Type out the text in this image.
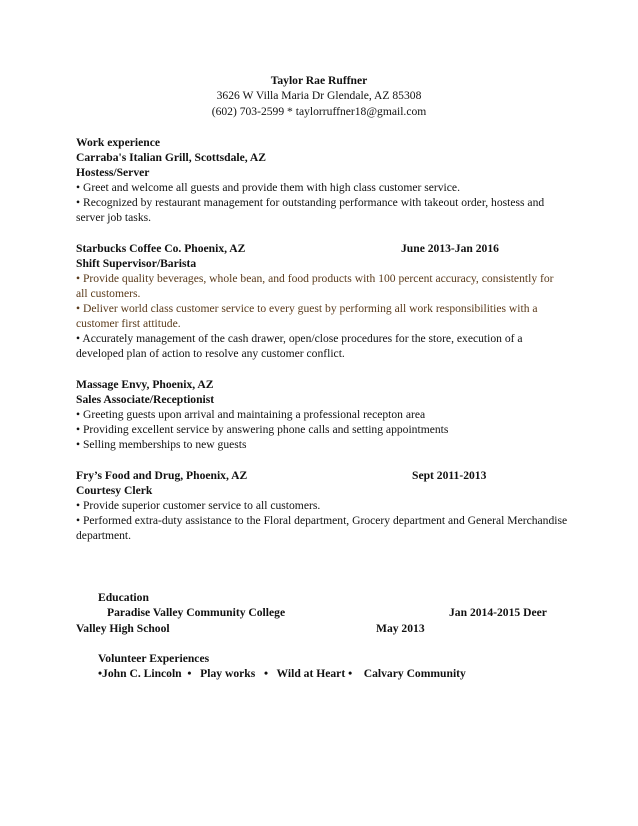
Taylor Rae Ruffner
3626 W Villa Maria Dr Glendale, AZ 85308
(602) 703-2599 * taylorruffner18@gmail.com
Work experience
Carraba's Italian Grill, Scottsdale, AZ
Hostess/Server
• Greet and welcome all guests and provide them with high class customer service.
• Recognized by restaurant management for outstanding performance with takeout order, hostess and
server job tasks.
Starbucks Coffee Co. Phoenix, AZ	June 2013-Jan 2016
Shift Supervisor/Barista
• Provide quality beverages, whole bean, and food products with 100 percent accuracy, consistently for
all customers.
• Deliver world class customer service to every guest by performing all work responsibilities with a
customer first attitude.
• Accurately management of the cash drawer, open/close procedures for the store, execution of a
developed plan of action to resolve any customer conflict.
Massage Envy, Phoenix, AZ
Sales Associate/Receptionist
• Greeting guests upon arrival and maintaining a professional recepton area
• Providing excellent service by answering phone calls and setting appointments
• Selling memberships to new guests
Fry’s Food and Drug, Phoenix, AZ	Sept 2011-2013
Courtesy Clerk
• Provide superior customer service to all customers.
• Performed extra-duty assistance to the Floral department, Grocery department and General Merchandise
department.
Education
Paradise Valley Community College	Jan 2014-2015 Deer
Valley High School	May 2013
Volunteer Experiences
•John C. Lincoln  •   Play works   •   Wild at Heart •    Calvary Community
